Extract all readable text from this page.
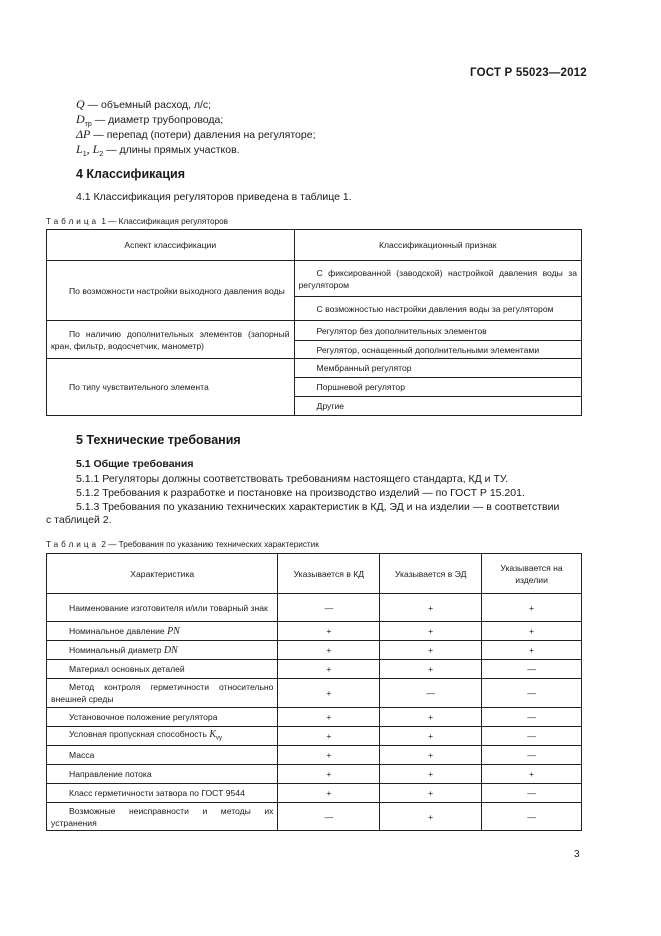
ГОСТ Р 55023—2012
Q — объемный расход, л/с;
$D_{тр}$ — диаметр трубопровода;
ΔP — перепад (потери) давления на регуляторе;
$L_1$, $L_2$ — длины прямых участков.
4 Классификация
4.1 Классификация регуляторов приведена в таблице 1.
Таблица 1 — Классификация регуляторов
Аспект классификации	Классификационный признак
По возможности настройки выходного давления воды	С фиксированной (заводской) настройкой давления воды за регулятором
	С возможностью настройки давления воды за регулятором
По наличию дополнительных элементов (запорный кран, фильтр, водосчетчик, манометр)	Регулятор без дополнительных элементов
	Регулятор, оснащенный дополнительными элементами
По типу чувствительного элемента	Мембранный регулятор
	Поршневой регулятор
	Другие
5 Технические требования
5.1 Общие требования
5.1.1 Регуляторы должны соответствовать требованиям настоящего стандарта, КД и ТУ.
5.1.2 Требования к разработке и постановке на производство изделий — по ГОСТ Р 15.201.
5.1.3 Требования по указанию технических характеристик в КД, ЭД и на изделии — в соответствии
с таблицей 2.
Таблица 2 — Требования по указанию технических характеристик
Характеристика	Указывается в КД	Указывается в ЭД	Указывается на изделии
Наименование изготовителя и/или товарный знак	—	+	+
Номинальное давление PN	+	+	+
Номинальный диаметр DN	+	+	+
Материал основных деталей	+	+	—
Метод контроля герметичности относительно внешней среды	+	—	—
Установочное положение регулятора	+	+	—
Условная пропускная способность $K_{vy}$	+	+	—
Масса	+	+	—
Направление потока	+	+	+
Класс герметичности затвора по ГОСТ 9544	+	+	—
Возможные неисправности и методы их устранения	—	+	—
3
